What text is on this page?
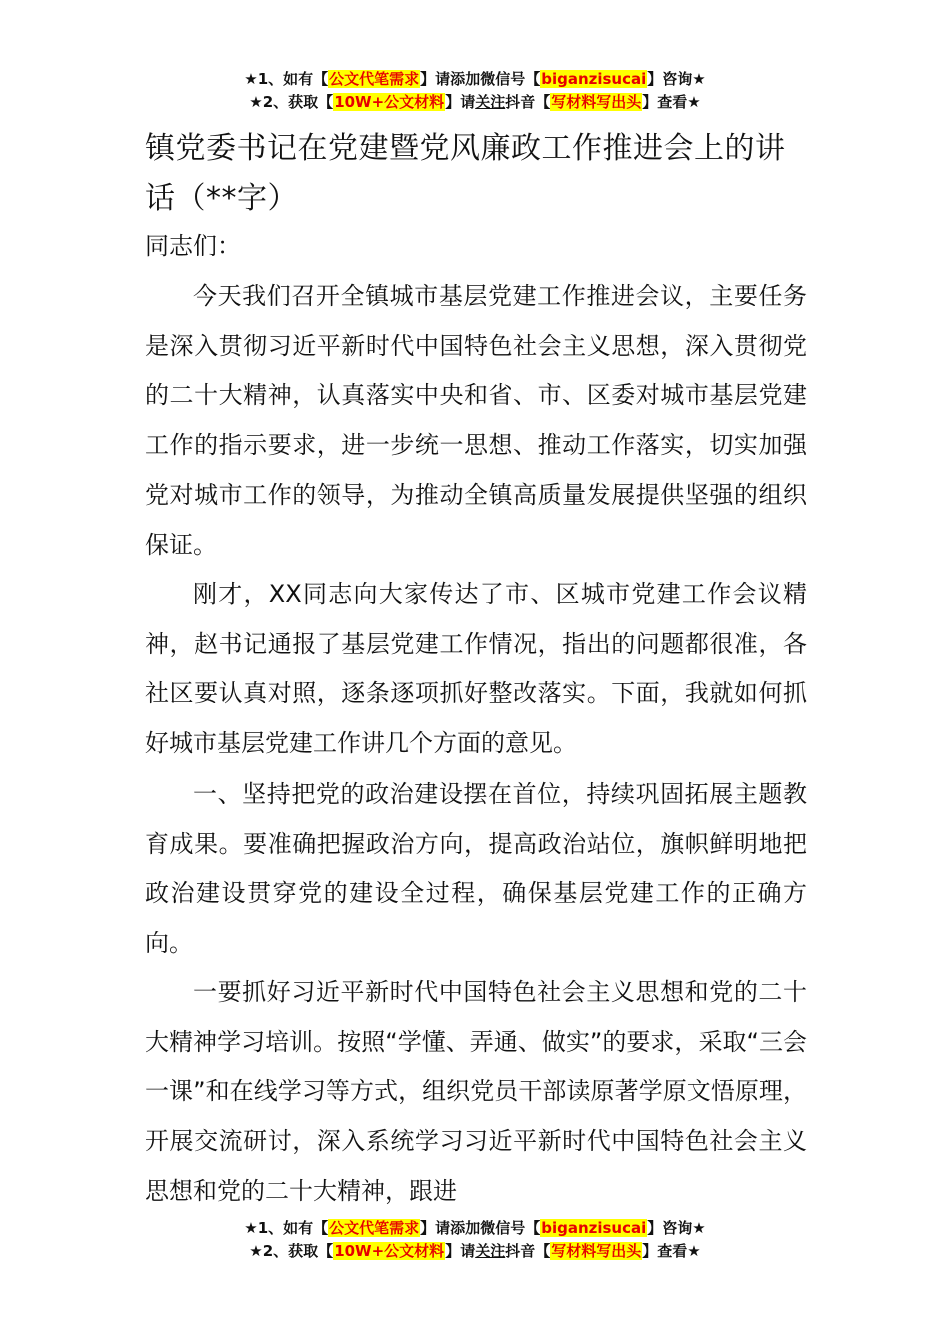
★1、如有【公文代笔需求】请添加微信号【biganzisucai】咨询★
★2、获取【10W+公文材料】请关注抖音【写材料写出头】查看★
镇党委书记在党建暨党风廉政工作推进会上的讲话（**字）
同志们：
今天我们召开全镇城市基层党建工作推进会议，主要任务是深入贯彻习近平新时代中国特色社会主义思想，深入贯彻党的二十大精神，认真落实中央和省、市、区委对城市基层党建工作的指示要求，进一步统一思想、推动工作落实，切实加强党对城市工作的领导，为推动全镇高质量发展提供坚强的组织保证。
刚才，XX同志向大家传达了市、区城市党建工作会议精神，赵书记通报了基层党建工作情况，指出的问题都很准，各社区要认真对照，逐条逐项抓好整改落实。下面，我就如何抓好城市基层党建工作讲几个方面的意见。
一、坚持把党的政治建设摆在首位，持续巩固拓展主题教育成果。要准确把握政治方向，提高政治站位，旗帜鲜明地把政治建设贯穿党的建设全过程，确保基层党建工作的正确方向。
一要抓好习近平新时代中国特色社会主义思想和党的二十大精神学习培训。按照“学懂、弄通、做实”的要求，采取“三会一课”和在线学习等方式，组织党员干部读原著学原文悟原理，开展交流研讨，深入系统学习习近平新时代中国特色社会主义思想和党的二十大精神，跟进
★1、如有【公文代笔需求】请添加微信号【biganzisucai】咨询★
★2、获取【10W+公文材料】请关注抖音【写材料写出头】查看★
